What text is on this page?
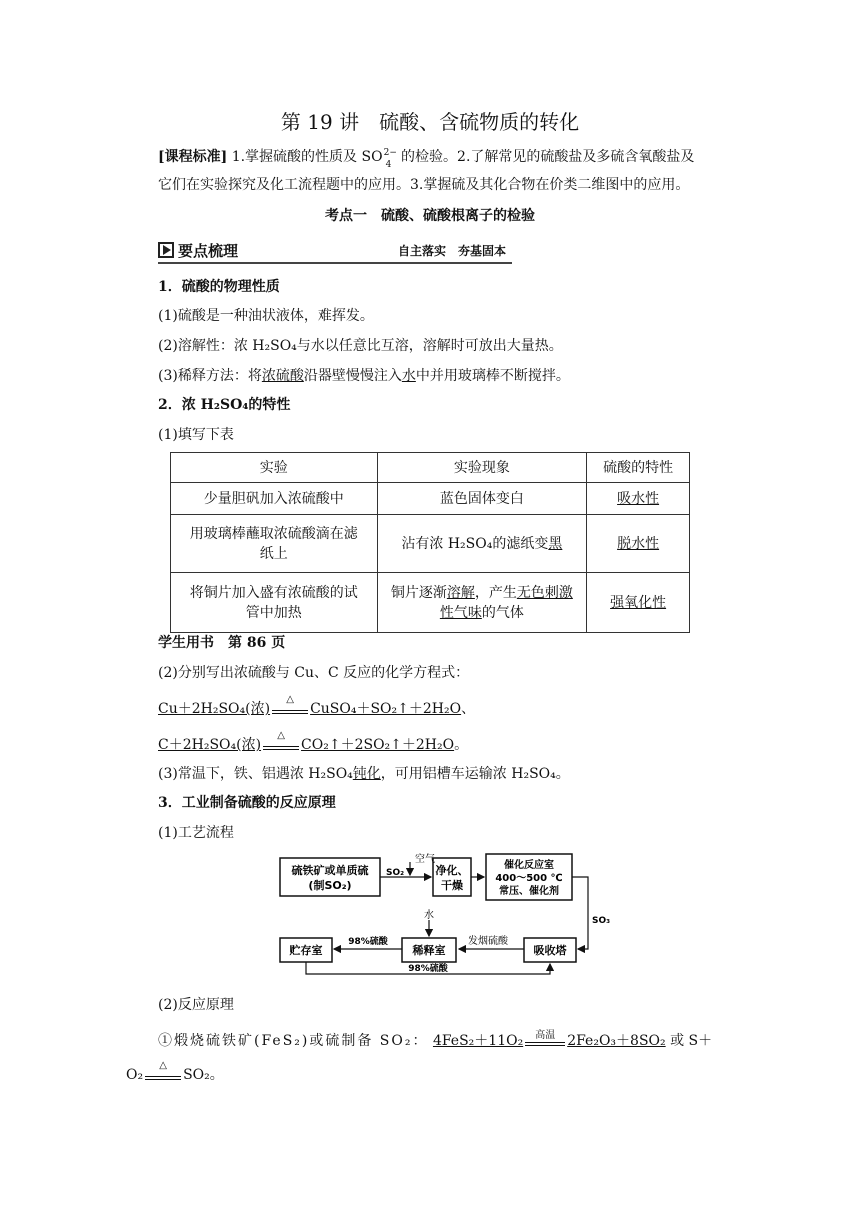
第 19 讲　硫酸、含硫物质的转化
[课程标准] 1.掌握硫酸的性质及 SO 2−
4 的检验。2.了解常见的硫酸盐及多硫含氧酸盐及
它们在实验探究及化工流程题中的应用。3.掌握硫及其化合物在价类二维图中的应用。
考点一　硫酸、硫酸根离子的检验
要点梳理	自主落实　夯基固本
1．硫酸的物理性质
(1)硫酸是一种油状液体，难挥发。
(2)溶解性：浓 H₂SO₄与水以任意比互溶，溶解时可放出大量热。
(3)稀释方法：将浓硫酸沿器壁慢慢注入水中并用玻璃棒不断搅拌。
2．浓 H₂SO₄的特性
(1)填写下表
实验	实验现象	硫酸的特性
少量胆矾加入浓硫酸中	蓝色固体变白	吸水性
用玻璃棒蘸取浓硫酸滴在滤
纸上	沾有浓 H₂SO₄的滤纸变黑	脱水性
将铜片加入盛有浓硫酸的试
管中加热	铜片逐渐溶解，产生无色刺激
性气味的气体	强氧化性
学生用书　第 86 页
(2)分别写出浓硫酸与 Cu、C 反应的化学方程式：
Cu＋2H₂SO₄(浓)
△
CuSO₄＋SO₂↑＋2H₂O、
C＋2H₂SO₄(浓)
△
CO₂↑＋2SO₂↑＋2H₂O。
(3)常温下，铁、铝遇浓 H₂SO₄钝化，可用铝槽车运输浓 H₂SO₄。
3．工业制备硫酸的反应原理
(1)工艺流程
硫铁矿或单质硫
(制SO₂)
空气
SO₂	净化、
干燥
催化反应室
400～500 ℃
常压、催化剂
SO₃
吸收塔
发烟硫酸
稀释室
水
98%硫酸
贮存室
98%硫酸
(2)反应原理
①煅烧硫铁矿(FeS₂)或硫制备 SO₂： 4FeS₂＋11O₂	高温 2Fe₂O₃＋8SO₂ 或 S＋
O₂
△
SO₂。
